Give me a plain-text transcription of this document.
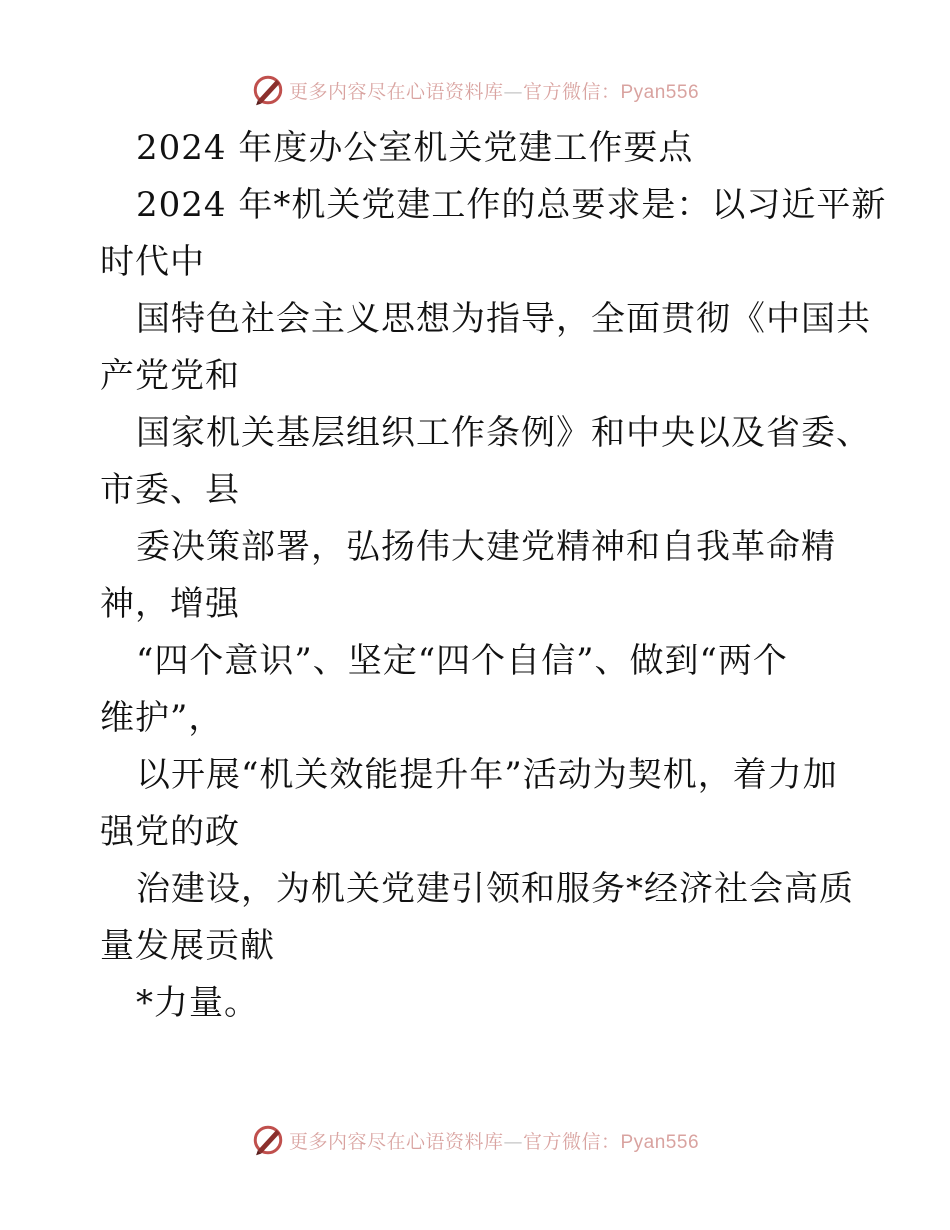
更多内容尽在心语资料库—官方微信：Pyan556
2024 年度办公室机关党建工作要点
2024 年*机关党建工作的总要求是：以习近平新
时代中
国特色社会主义思想为指导，全面贯彻《中国共
产党党和
国家机关基层组织工作条例》和中央以及省委、
市委、县
委决策部署，弘扬伟大建党精神和自我革命精
神，增强
“四个意识”、坚定“四个自信”、做到“两个
维护”，
以开展“机关效能提升年”活动为契机，着力加
强党的政
治建设，为机关党建引领和服务*经济社会高质
量发展贡献
*力量。
更多内容尽在心语资料库—官方微信：Pyan556
